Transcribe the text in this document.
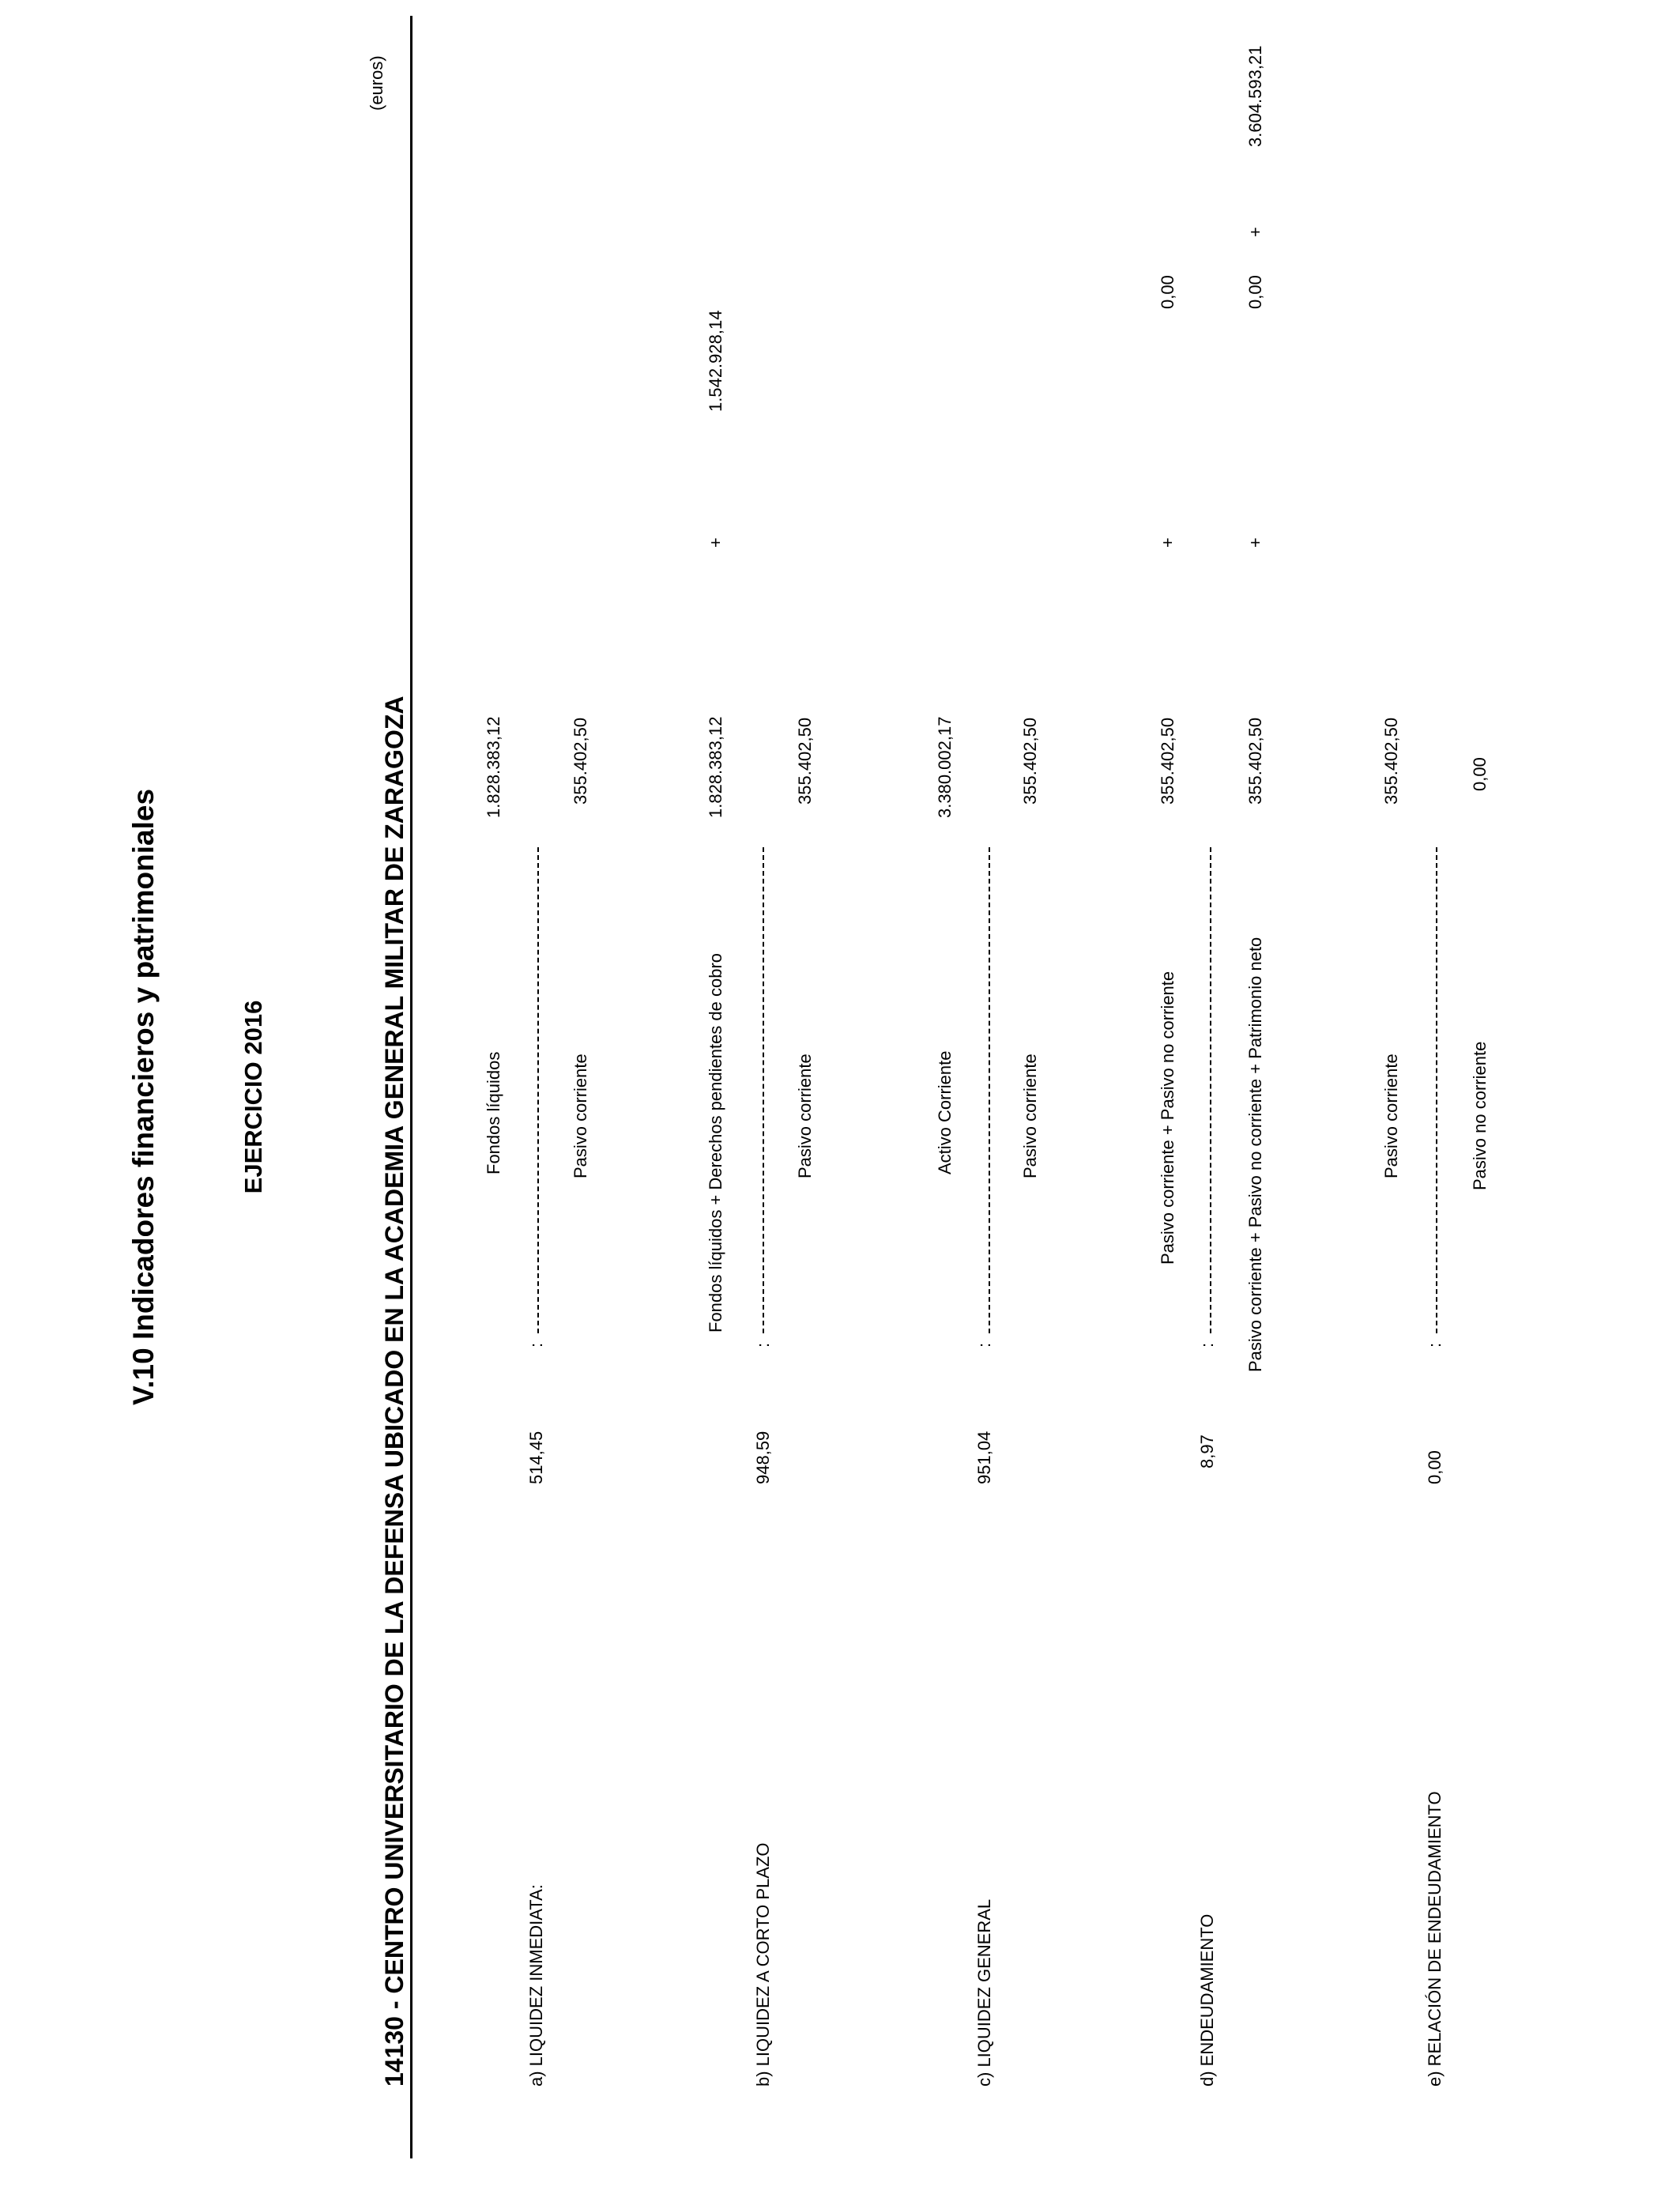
V.10 Indicadores financieros y patrimoniales	EJERCICIO 2016	14130 - CENTRO UNIVERSITARIO DE LA DEFENSA UBICADO EN LA ACADEMIA GENERAL MILITAR DE ZARAGOZA
(euros)
a) LIQUIDEZ INMEDIATA:
514,45
:
Fondos líquidos
1.828.383,12
Pasivo corriente
355.402,50
b) LIQUIDEZ A CORTO PLAZO
948,59
:
Fondos líquidos + Derechos pendientes de cobro
1.828.383,12
+
1.542.928,14
Pasivo corriente
355.402,50
c) LIQUIDEZ GENERAL
951,04
:
Activo Corriente
3.380.002,17
Pasivo corriente
355.402,50
d) ENDEUDAMIENTO
8,97
:
Pasivo corriente + Pasivo no corriente
355.402,50
+
0,00
Pasivo corriente + Pasivo no corriente + Patrimonio neto
355.402,50
+
0,00
+
3.604.593,21
e) RELACIÓN DE ENDEUDAMIENTO
0,00
:
Pasivo corriente
355.402,50
Pasivo no corriente
0,00
